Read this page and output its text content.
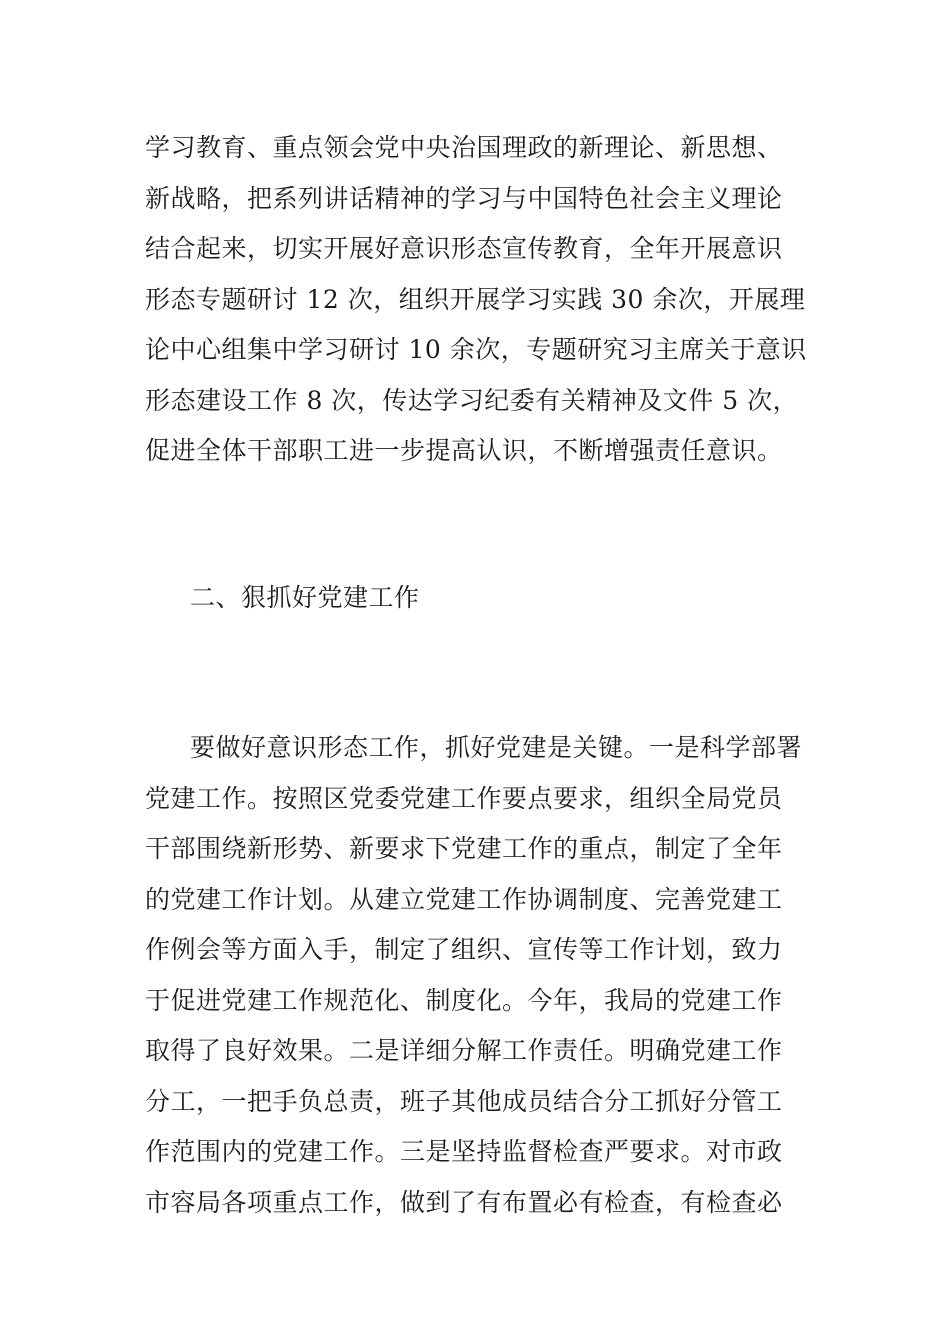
学习教育、重点领会党中央治国理政的新理论、新思想、
新战略，把系列讲话精神的学习与中国特色社会主义理论
结合起来，切实开展好意识形态宣传教育，全年开展意识
形态专题研讨 12 次，组织开展学习实践 30 余次，开展理
论中心组集中学习研讨 10 余次，专题研究习主席关于意识
形态建设工作 8 次，传达学习纪委有关精神及文件 5 次，
促进全体干部职工进一步提高认识，不断增强责任意识。
二、狠抓好党建工作
要做好意识形态工作，抓好党建是关键。一是科学部署
党建工作。按照区党委党建工作要点要求，组织全局党员
干部围绕新形势、新要求下党建工作的重点，制定了全年
的党建工作计划。从建立党建工作协调制度、完善党建工
作例会等方面入手，制定了组织、宣传等工作计划，致力
于促进党建工作规范化、制度化。今年，我局的党建工作
取得了良好效果。二是详细分解工作责任。明确党建工作
分工，一把手负总责，班子其他成员结合分工抓好分管工
作范围内的党建工作。三是坚持监督检查严要求。对市政
市容局各项重点工作，做到了有布置必有检查，有检查必
